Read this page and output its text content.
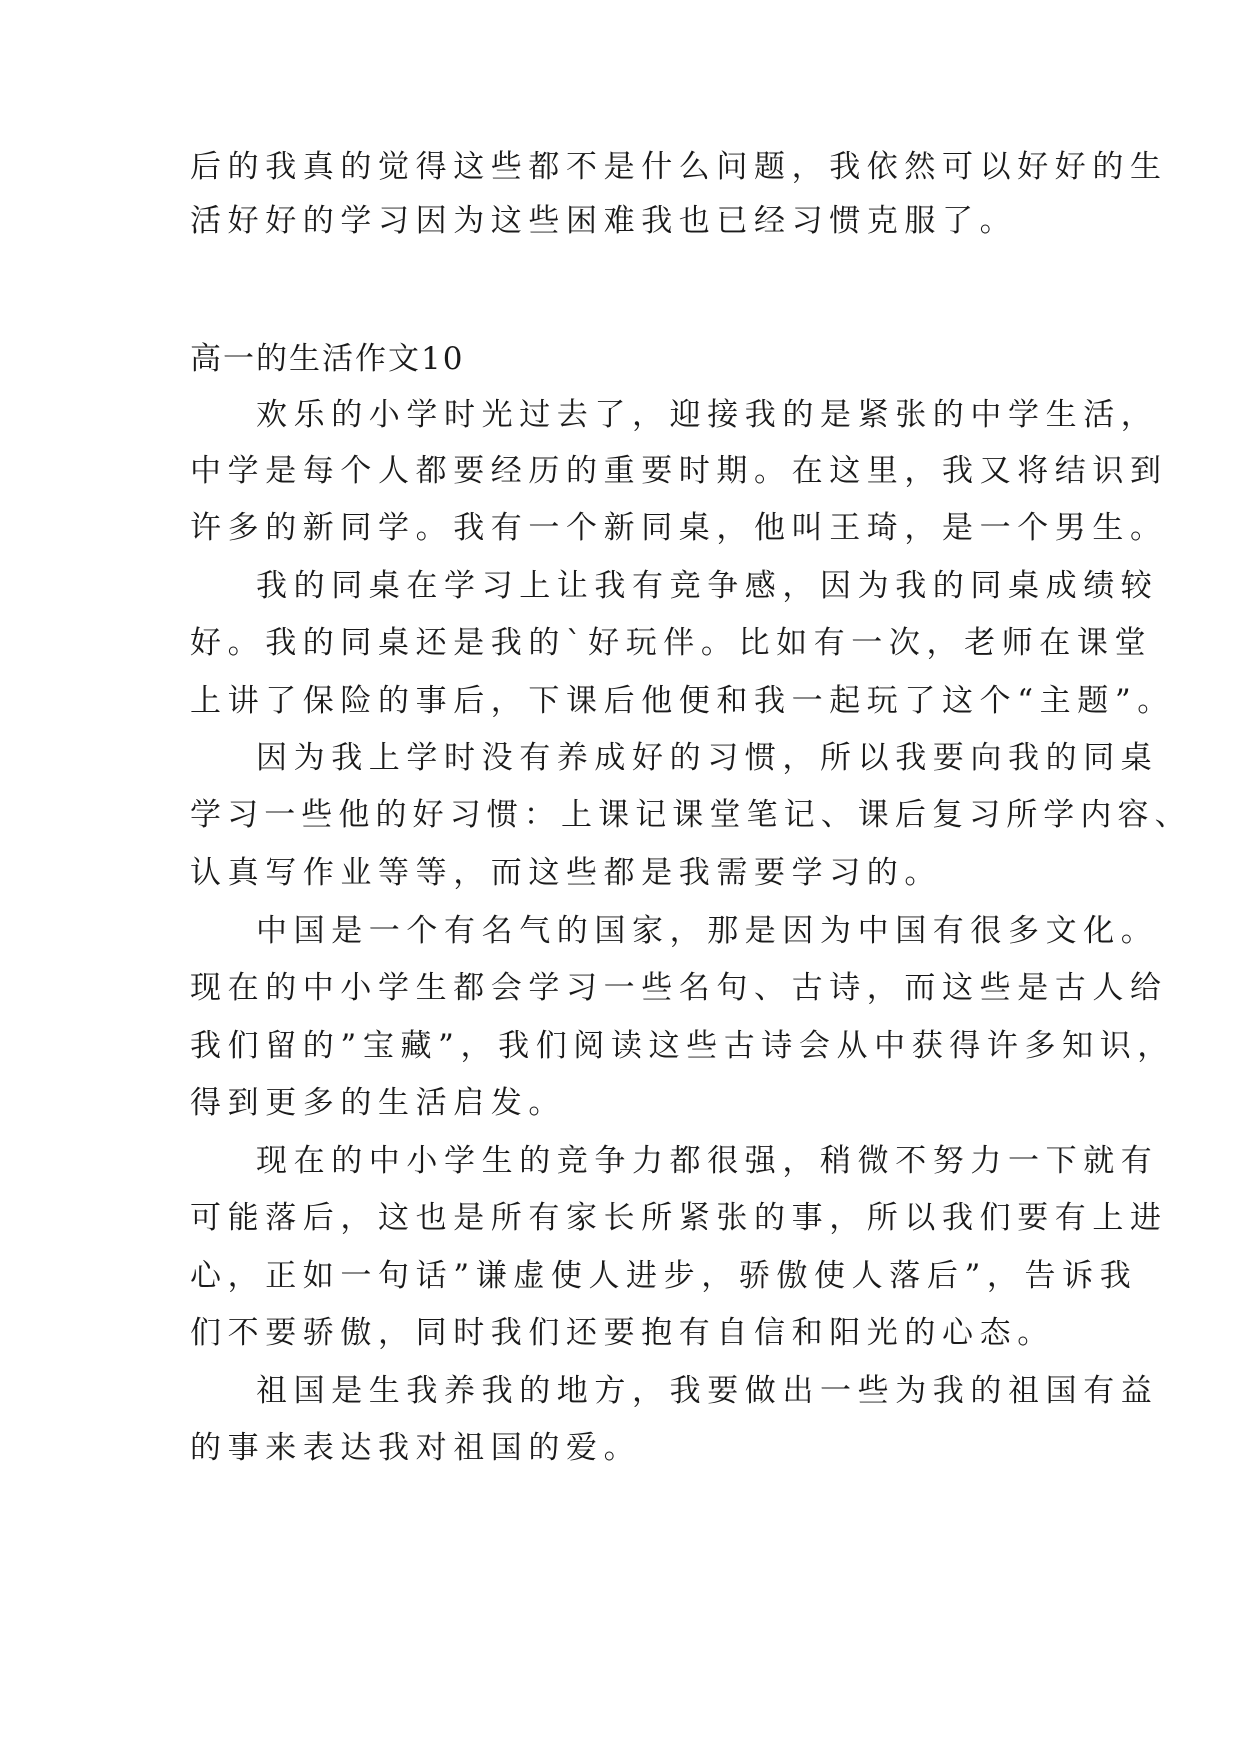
后的我真的觉得这些都不是什么问题，我依然可以好好的生

活好好的学习因为这些困难我也已经习惯克服了。

高一的生活作文10

欢乐的小学时光过去了，迎接我的是紧张的中学生活，

中学是每个人都要经历的重要时期。在这里，我又将结识到

许多的新同学。我有一个新同桌，他叫王琦，是一个男生。

我的同桌在学习上让我有竞争感，因为我的同桌成绩较

好。我的同桌还是我的`好玩伴。比如有一次，老师在课堂

上讲了保险的事后，下课后他便和我一起玩了这个“主题”。

因为我上学时没有养成好的习惯，所以我要向我的同桌

学习一些他的好习惯：上课记课堂笔记、课后复习所学内容、

认真写作业等等，而这些都是我需要学习的。

中国是一个有名气的国家，那是因为中国有很多文化。

现在的中小学生都会学习一些名句、古诗，而这些是古人给

我们留的”宝藏”，我们阅读这些古诗会从中获得许多知识，

得到更多的生活启发。

现在的中小学生的竞争力都很强，稍微不努力一下就有

可能落后，这也是所有家长所紧张的事，所以我们要有上进

心，正如一句话”谦虚使人进步，骄傲使人落后”，告诉我

们不要骄傲，同时我们还要抱有自信和阳光的心态。

祖国是生我养我的地方，我要做出一些为我的祖国有益

的事来表达我对祖国的爱。
